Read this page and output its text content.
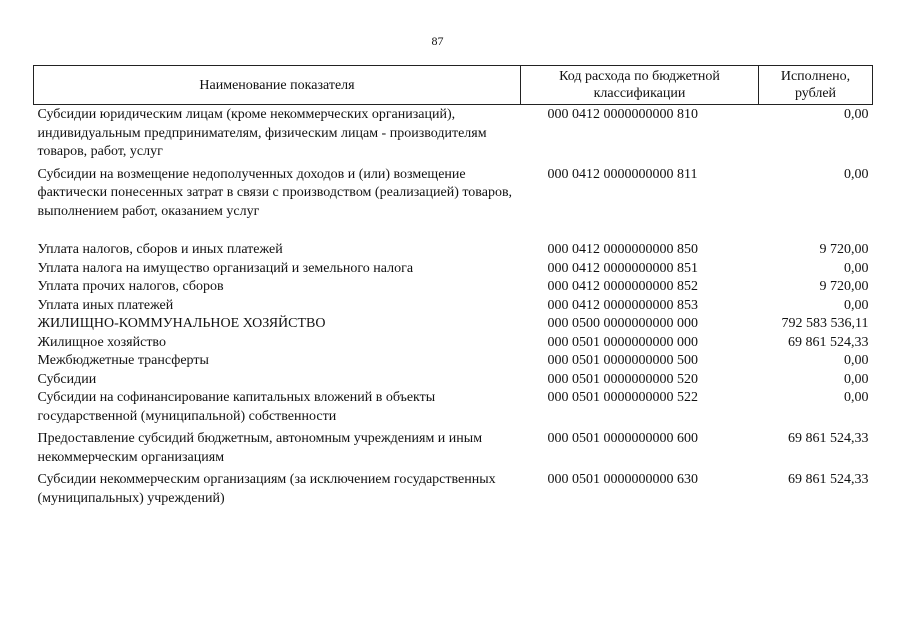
87
Наименование показателя	Код расхода по бюджетной классификации	Исполнено, рублей
Субсидии юридическим лицам (кроме некоммерческих организаций), индивидуальным предпринимателям, физическим лицам - производителям товаров, работ, услуг	000 0412 0000000000 810	0,00
Субсидии на возмещение недополученных доходов и (или) возмещение фактически понесенных затрат в связи с производством (реализацией) товаров, выполнением работ, оказанием услуг	000 0412 0000000000 811	0,00
Уплата налогов, сборов и иных платежей	000 0412 0000000000 850	9 720,00
Уплата налога на имущество организаций и земельного налога	000 0412 0000000000 851	0,00
Уплата прочих налогов, сборов	000 0412 0000000000 852	9 720,00
Уплата иных платежей	000 0412 0000000000 853	0,00
ЖИЛИЩНО-КОММУНАЛЬНОЕ ХОЗЯЙСТВО	000 0500 0000000000 000	792 583 536,11
Жилищное хозяйство	000 0501 0000000000 000	69 861 524,33
Межбюджетные трансферты	000 0501 0000000000 500	0,00
Субсидии	000 0501 0000000000 520	0,00
Субсидии на софинансирование капитальных вложений в объекты государственной (муниципальной) собственности	000 0501 0000000000 522	0,00
Предоставление субсидий бюджетным, автономным учреждениям и иным некоммерческим организациям	000 0501 0000000000 600	69 861 524,33
Субсидии некоммерческим организациям (за исключением государственных (муниципальных) учреждений)	000 0501 0000000000 630	69 861 524,33
